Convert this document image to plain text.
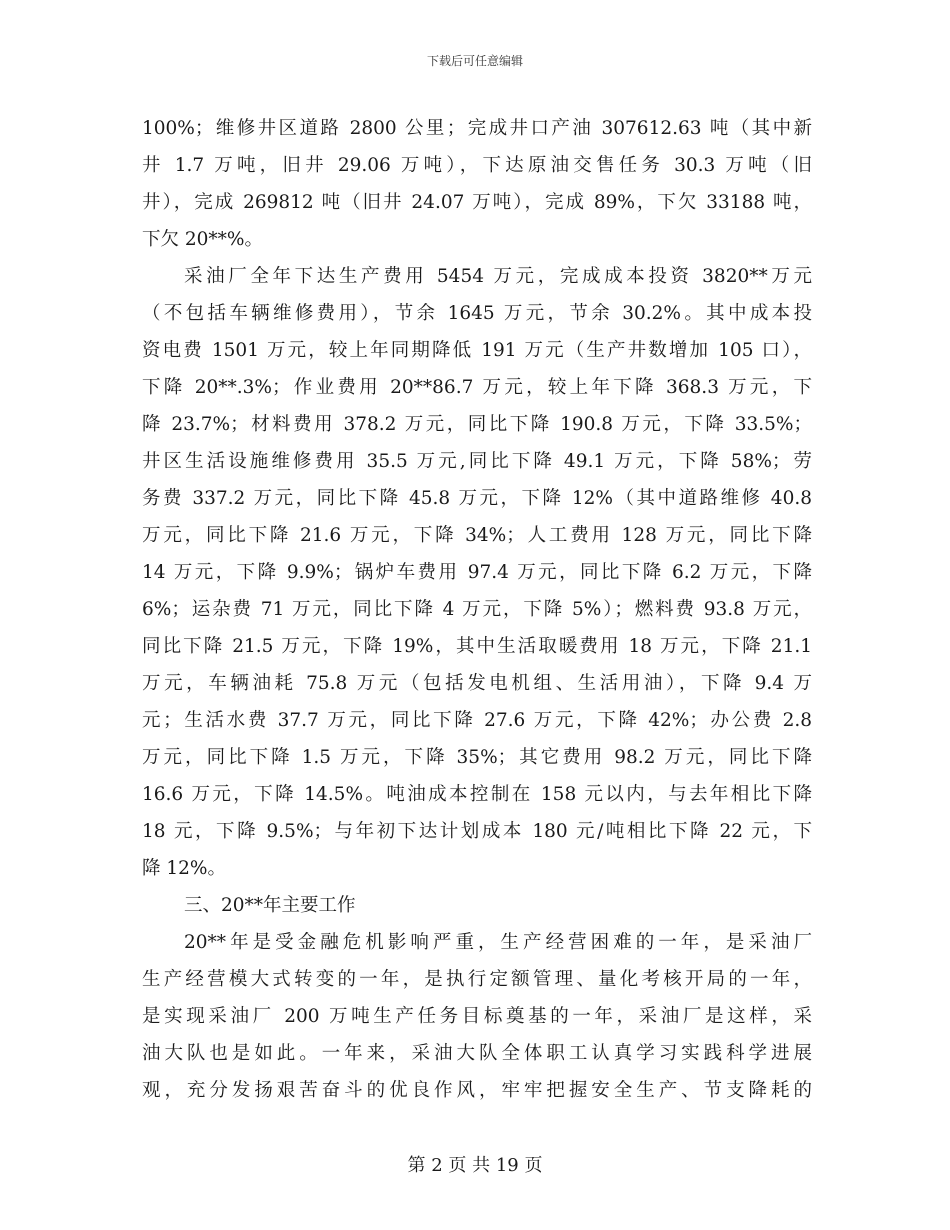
下载后可任意编辑
100%；维修井区道路 2800 公里；完成井口产油 307612.63 吨（其中新
井 1.7 万吨，旧井 29.06 万吨），下达原油交售任务 30.3 万吨（旧
井），完成 269812 吨（旧井 24.07 万吨），完成 89%，下欠 33188 吨，
下欠 20**%。
采油厂全年下达生产费用 5454 万元，完成成本投资 3820**万元
（不包括车辆维修费用），节余 1645 万元，节余 30.2%。其中成本投
资电费 1501 万元，较上年同期降低 191 万元（生产井数增加 105 口），
下降 20**.3%；作业费用 20**86.7 万元，较上年下降 368.3 万元，下
降 23.7%；材料费用 378.2 万元，同比下降 190.8 万元，下降 33.5%；
井区生活设施维修费用 35.5 万元,同比下降 49.1 万元，下降 58%；劳
务费 337.2 万元，同比下降 45.8 万元，下降 12%（其中道路维修 40.8
万元，同比下降 21.6 万元，下降 34%；人工费用 128 万元，同比下降
14 万元，下降 9.9%；锅炉车费用 97.4 万元，同比下降 6.2 万元，下降
6%；运杂费 71 万元，同比下降 4 万元，下降 5%）；燃料费 93.8 万元，
同比下降 21.5 万元，下降 19%，其中生活取暖费用 18 万元，下降 21.1
万元，车辆油耗 75.8 万元（包括发电机组、生活用油），下降 9.4 万
元；生活水费 37.7 万元，同比下降 27.6 万元，下降 42%；办公费 2.8
万元，同比下降 1.5 万元，下降 35%；其它费用 98.2 万元，同比下降
16.6 万元，下降 14.5%。吨油成本控制在 158 元以内，与去年相比下降
18 元，下降 9.5%；与年初下达计划成本 180 元/吨相比下降 22 元，下
降 12%。
三、20**年主要工作
20**年是受金融危机影响严重，生产经营困难的一年，是采油厂
生产经营模大式转变的一年，是执行定额管理、量化考核开局的一年，
是实现采油厂 200 万吨生产任务目标奠基的一年，采油厂是这样，采
油大队也是如此。一年来，采油大队全体职工认真学习实践科学进展
观，充分发扬艰苦奋斗的优良作风，牢牢把握安全生产、节支降耗的
第 2 页 共 19 页
